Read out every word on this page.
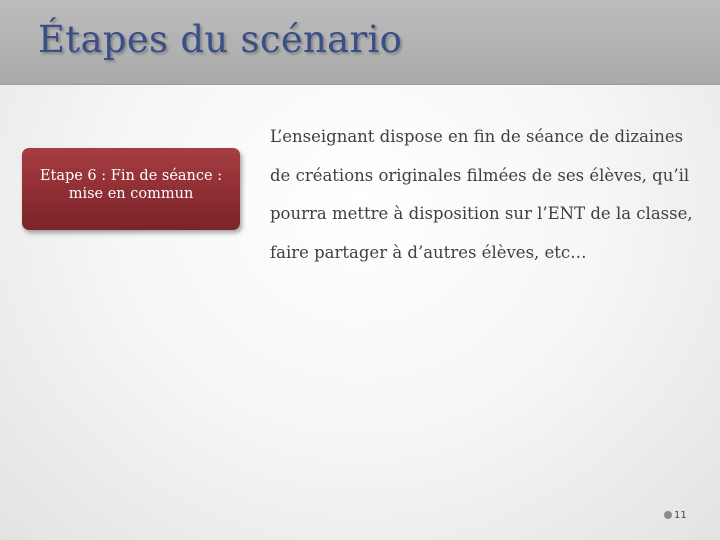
Étapes du scénario
Etape 6 : Fin de séance :
mise en commun
L’enseignant dispose en fin de séance de dizaines
de créations originales filmées de ses élèves, qu’il
pourra mettre à disposition sur l’ENT de la classe,
faire partager à d’autres élèves, etc…
11
